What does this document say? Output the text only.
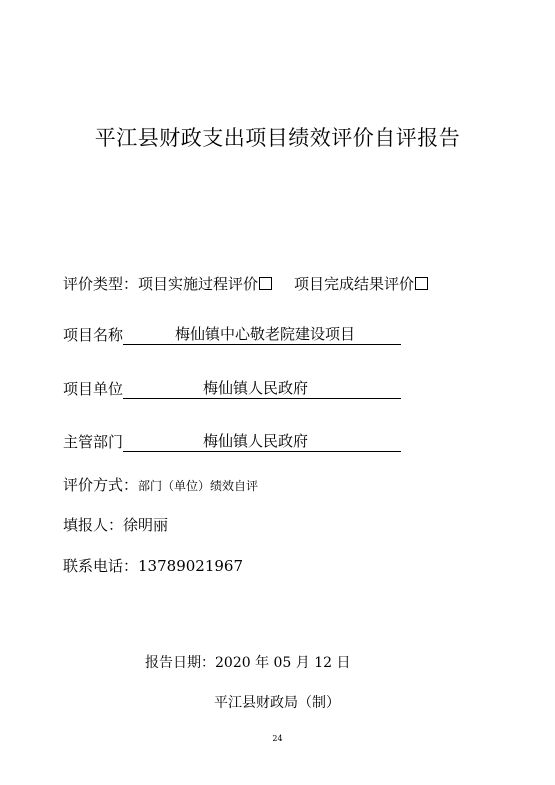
平江县财政支出项目绩效评价自评报告
评价类型：项目实施过程评价 项目完成结果评价
项目名称	梅仙镇中心敬老院建设项目
项目单位	梅仙镇人民政府
主管部门	梅仙镇人民政府
评价方式：部门（单位）绩效自评
填报人：徐明丽
联系电话：13789021967
报告日期：2020 年 05 月 12 日
平江县财政局（制）
24
